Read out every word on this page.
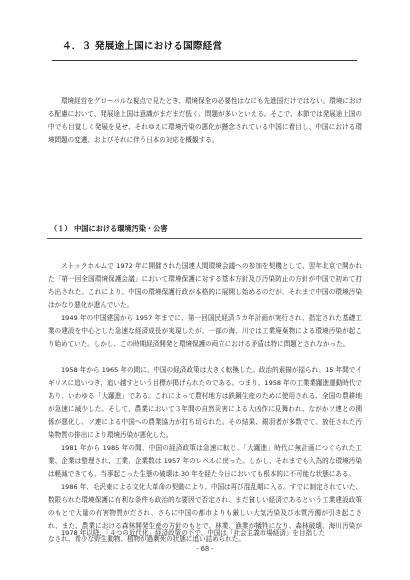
４．３ 発展途上国における国際経営

環境経営をグローバルな視点で見たとき、環境保全の必要性はなにも先進国だけではない。環境における配慮において、発展途上国は意識がまだまだ低く、問題が多いといえる。そこで、本節では発展途上国の中でも目覚しく発展を見せ、それゆえに環境汚染の悪化が懸念されている中国に着目し、中国における環境問題の変遷、およびそれに伴う日本の対応を概観する。

（１） 中国における環境汚染・公害

ストックホルムで 1972 年に開催された国連人間環境会議への参加を契機として、翌年北京で開かれた「第一回全国環境保護会議」において環境保護に対する基本方針及び汚染防止の方針が中国で初めて打ち出された。これにより、中国の環境保護行政が本格的に展開し始めるのだが、それまで中国の環境汚染はかなり悪化が進んでいた。

1949 年の中国建国から 1957 年までに、第一回国民経済５カ年計画が実行され、指定された基礎工業の建設を中心とした急速な経済成長が実現したが、一部の海、川では工業廃棄物による環境汚染が起こり始めていた。しかし、この時期経済開発と環境保護の両立における矛盾は特に問題とされなかった。

1958 年から 1965 年の間に、中国の経済政策は大きく転換した。政治的素描が揺られ、15 年間でイギリスに追いつき、追い越すという目標が掲げられたのである。つまり、1958 年の工業業躍進運動時代であり、いわゆる「大躍進」である。これによって農村地方は鉄鋼生産のために使用される、全国の農耕地が急速に減少した。そして、農業において３年間の自然災害による大凶作に見舞われ、ながかソ連との関係が悪化し、ソ連による中国への農業協力が打ち切られた。その結果、銀羽者が多数でて、放任された汚染物質の排出により環境汚染が悪化した。

1981 年から 1985 年の間、中国の経済政策は急速に転じ、「大躍進」時代に無計画につくられた工業、企業は整理され、工業、企業数は 1957 年のレベルに戻った。しかし、それまでも入為的な環境汚染は軽減できても、当事起こった生態の破壊は 30 年を経た今日においても根本的に不可能な状態にある。

1986 年、毛沢東による文化大革命の契動により、中国は再び混乱期に入る。すでに制定されていた、数限られた環境保護に有利な条件も政治的な要因で否定され、まだ貧しい経済であるという工業建設政策のもとで大量の有害物質がだされ、さらに中国の都市よりも厳しい大気汚染及び水質汚濁が引き起こされ、また、農業における森林開発生産の方針のもとで、林業、漁業が犠牲になり、森林破壊、海川汚染がなされ、希少な野生動物、植物が過剰死の状態に追い詰められた。

1978 年以降、「４つの近代化」経済政策の下で、中国は「社会主義市場経済」を目指した

- 68 -
